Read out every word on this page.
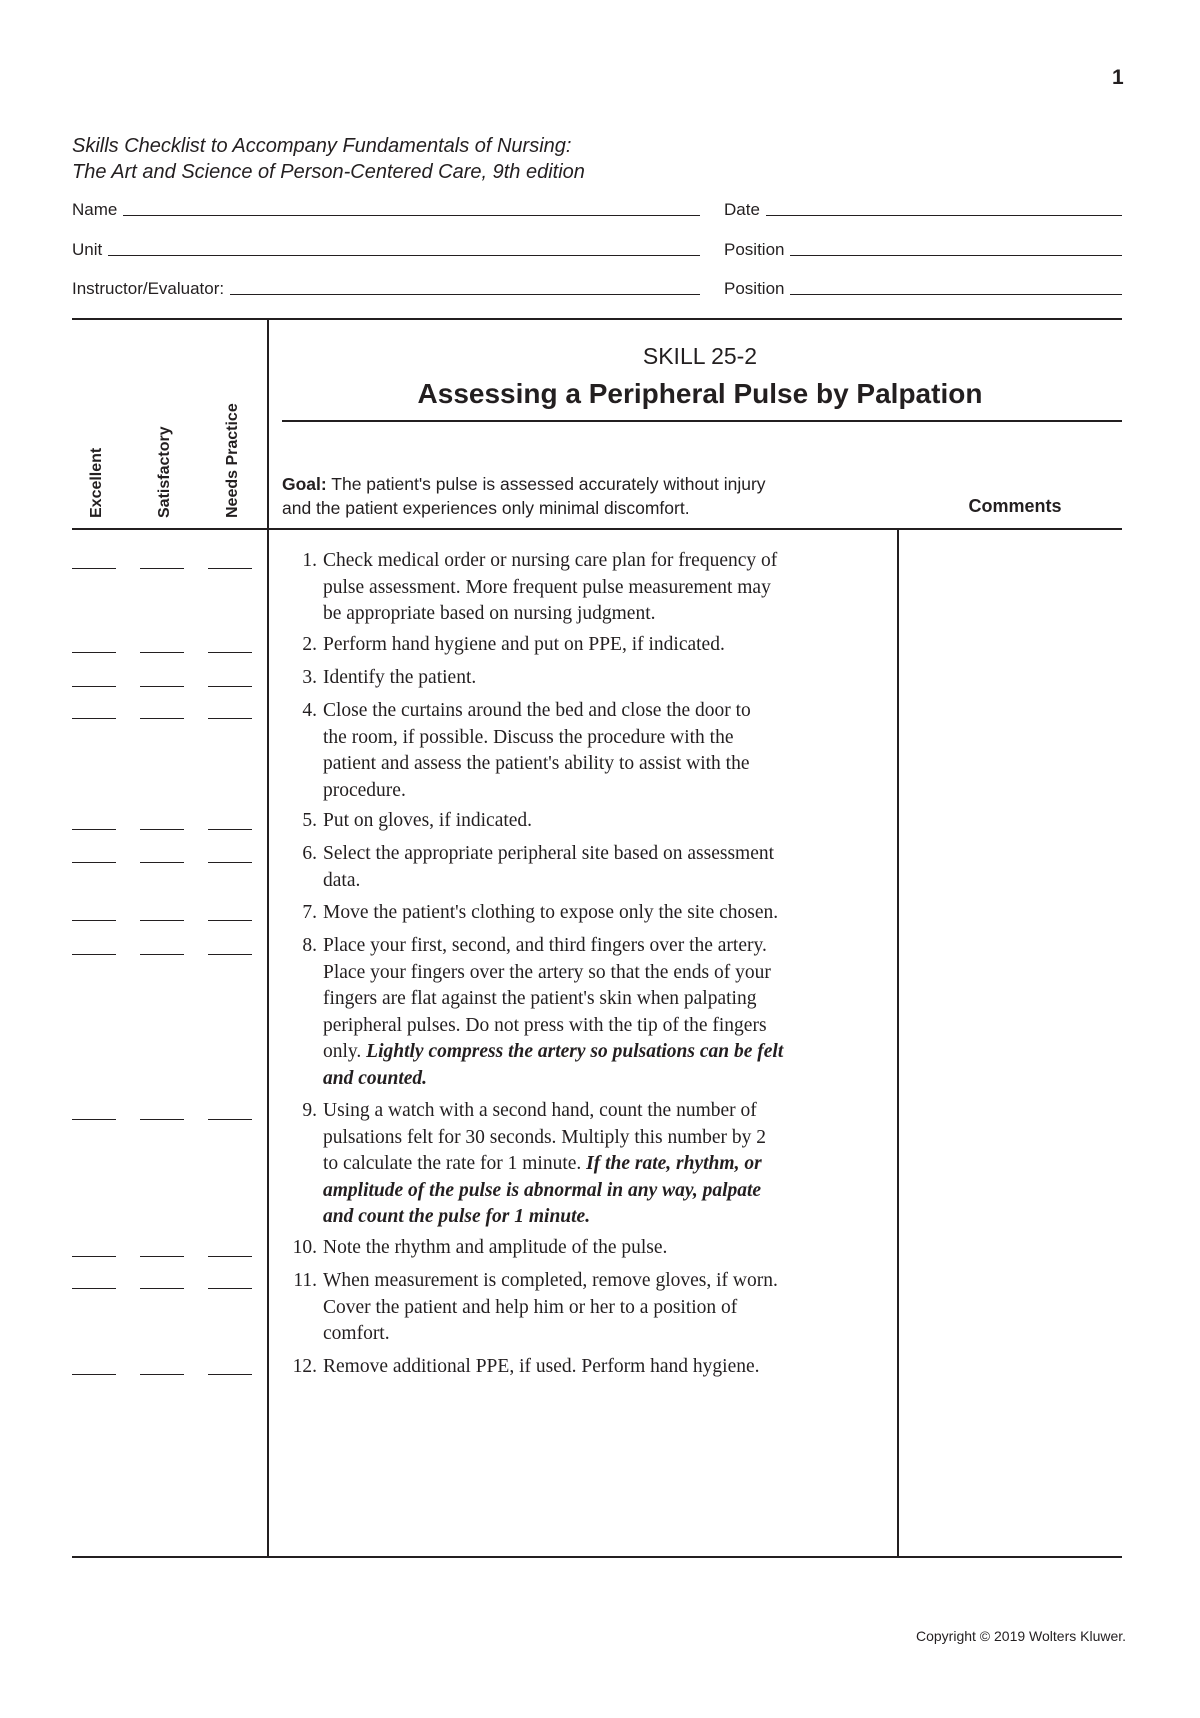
1
Skills Checklist to Accompany Fundamentals of Nursing:
The Art and Science of Person-Centered Care, 9th edition
Name	Date
Unit	Position
Instructor/Evaluator:	Position
Excellent	Satisfactory	Needs Practice
SKILL 25-2
Assessing a Peripheral Pulse by Palpation
Goal: The patient's pulse is assessed accurately without injury
and the patient experiences only minimal discomfort.	Comments
1. Check medical order or nursing care plan for frequency of
pulse assessment. More frequent pulse measurement may
be appropriate based on nursing judgment.
2. Perform hand hygiene and put on PPE, if indicated.
3. Identify the patient.
4. Close the curtains around the bed and close the door to
the room, if possible. Discuss the procedure with the
patient and assess the patient's ability to assist with the
procedure.
5. Put on gloves, if indicated.
6. Select the appropriate peripheral site based on assessment
data.
7. Move the patient's clothing to expose only the site chosen.
8. Place your first, second, and third fingers over the artery.
Place your fingers over the artery so that the ends of your
fingers are flat against the patient's skin when palpating
peripheral pulses. Do not press with the tip of the fingers
only. Lightly compress the artery so pulsations can be felt
and counted.
9. Using a watch with a second hand, count the number of
pulsations felt for 30 seconds. Multiply this number by 2
to calculate the rate for 1 minute. If the rate, rhythm, or
amplitude of the pulse is abnormal in any way, palpate
and count the pulse for 1 minute.
10. Note the rhythm and amplitude of the pulse.
11. When measurement is completed, remove gloves, if worn.
Cover the patient and help him or her to a position of
comfort.
12. Remove additional PPE, if used. Perform hand hygiene.
Copyright © 2019 Wolters Kluwer.
